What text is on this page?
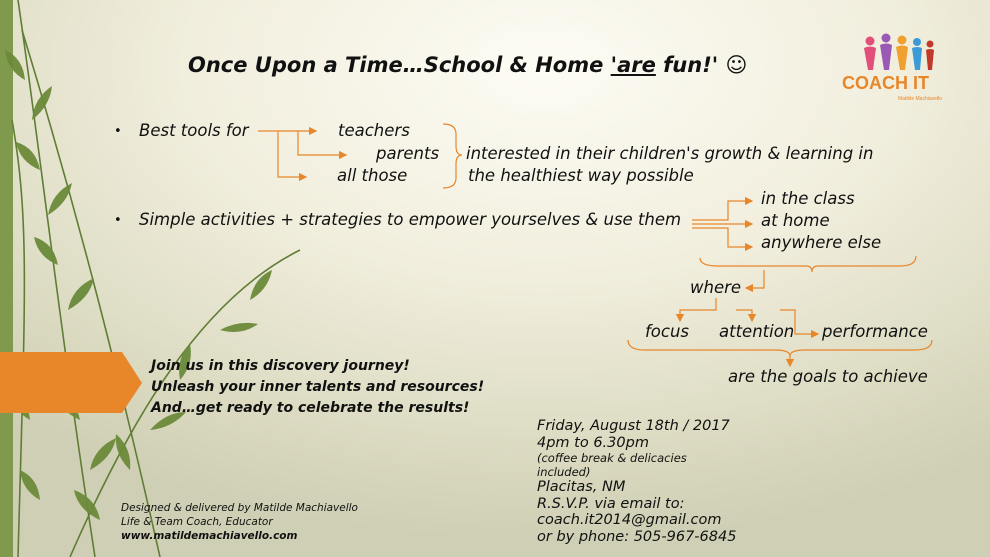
Once Upon a Time…School & Home 'are fun!' ☺
COACH IT
Matilde Machiavello
• Best tools for	teachers
parents
all those
interested in their children's growth & learning in
the healthiest way possible
• Simple activities + strategies to empower yourselves & use them
in the class
at home
anywhere else
where
focus attention performance
are the goals to achieve
Join us in this discovery journey!
Unleash your inner talents and resources!
And…get ready to celebrate the results!
Friday, August 18th / 2017
4pm to 6.30pm
(coffee break & delicacies
included)
Placitas, NM
R.S.V.P. via email to:
coach.it2014@gmail.com
or by phone: 505-967-6845
Designed & delivered by Matilde Machiavello
Life & Team Coach, Educator
www.matildemachiavello.com
